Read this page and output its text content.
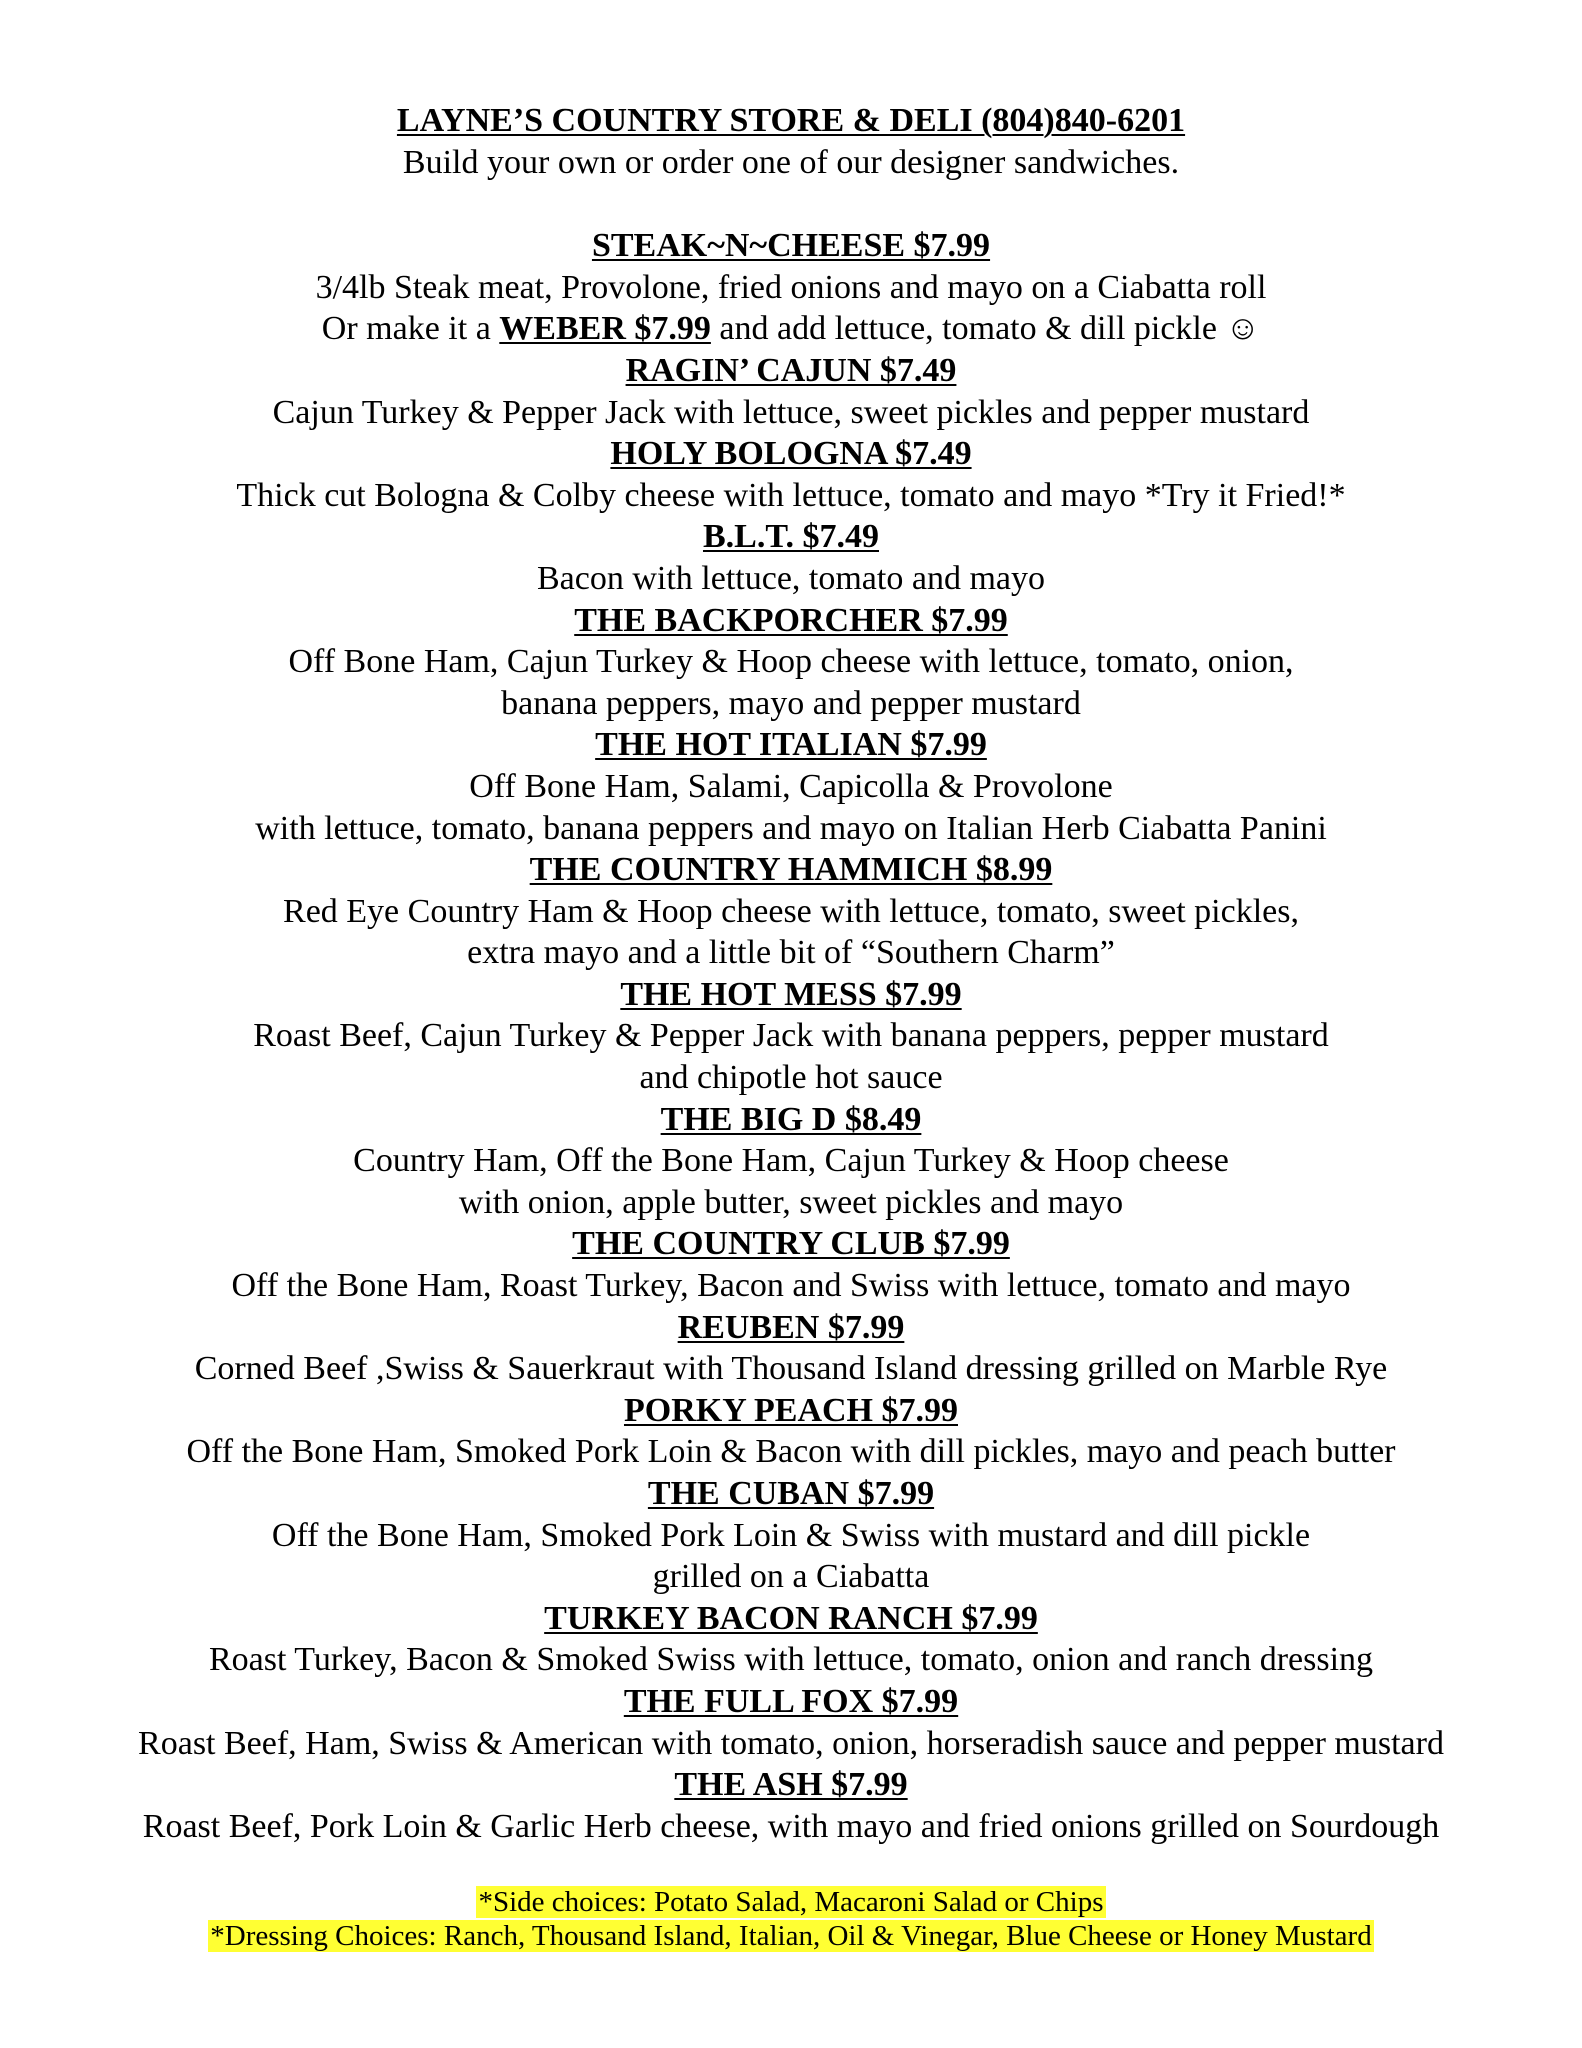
LAYNE’S COUNTRY STORE & DELI (804)840-6201
Build your own or order one of our designer sandwiches.
STEAK~N~CHEESE $7.99
3/4lb Steak meat, Provolone, fried onions and mayo on a Ciabatta roll
Or make it a WEBER $7.99 and add lettuce, tomato & dill pickle ☺
RAGIN’ CAJUN $7.49
Cajun Turkey & Pepper Jack with lettuce, sweet pickles and pepper mustard
HOLY BOLOGNA $7.49
Thick cut Bologna & Colby cheese with lettuce, tomato and mayo *Try it Fried!*
B.L.T. $7.49
Bacon with lettuce, tomato and mayo
THE BACKPORCHER $7.99
Off Bone Ham, Cajun Turkey & Hoop cheese with lettuce, tomato, onion,
banana peppers, mayo and pepper mustard
THE HOT ITALIAN $7.99
Off Bone Ham, Salami, Capicolla & Provolone
with lettuce, tomato, banana peppers and mayo on Italian Herb Ciabatta Panini
THE COUNTRY HAMMICH $8.99
Red Eye Country Ham & Hoop cheese with lettuce, tomato, sweet pickles,
extra mayo and a little bit of “Southern Charm”
THE HOT MESS $7.99
Roast Beef, Cajun Turkey & Pepper Jack with banana peppers, pepper mustard
and chipotle hot sauce
THE BIG D $8.49
Country Ham, Off the Bone Ham, Cajun Turkey & Hoop cheese
with onion, apple butter, sweet pickles and mayo
THE COUNTRY CLUB $7.99
Off the Bone Ham, Roast Turkey, Bacon and Swiss with lettuce, tomato and mayo
REUBEN $7.99
Corned Beef ,Swiss & Sauerkraut with Thousand Island dressing grilled on Marble Rye
PORKY PEACH $7.99
Off the Bone Ham, Smoked Pork Loin & Bacon with dill pickles, mayo and peach butter
THE CUBAN $7.99
Off the Bone Ham, Smoked Pork Loin & Swiss with mustard and dill pickle
grilled on a Ciabatta
TURKEY BACON RANCH $7.99
Roast Turkey, Bacon & Smoked Swiss with lettuce, tomato, onion and ranch dressing
THE FULL FOX $7.99
Roast Beef, Ham, Swiss & American with tomato, onion, horseradish sauce and pepper mustard
THE ASH $7.99
Roast Beef, Pork Loin & Garlic Herb cheese, with mayo and fried onions grilled on Sourdough
*Side choices: Potato Salad, Macaroni Salad or Chips
*Dressing Choices: Ranch, Thousand Island, Italian, Oil & Vinegar, Blue Cheese or Honey Mustard
